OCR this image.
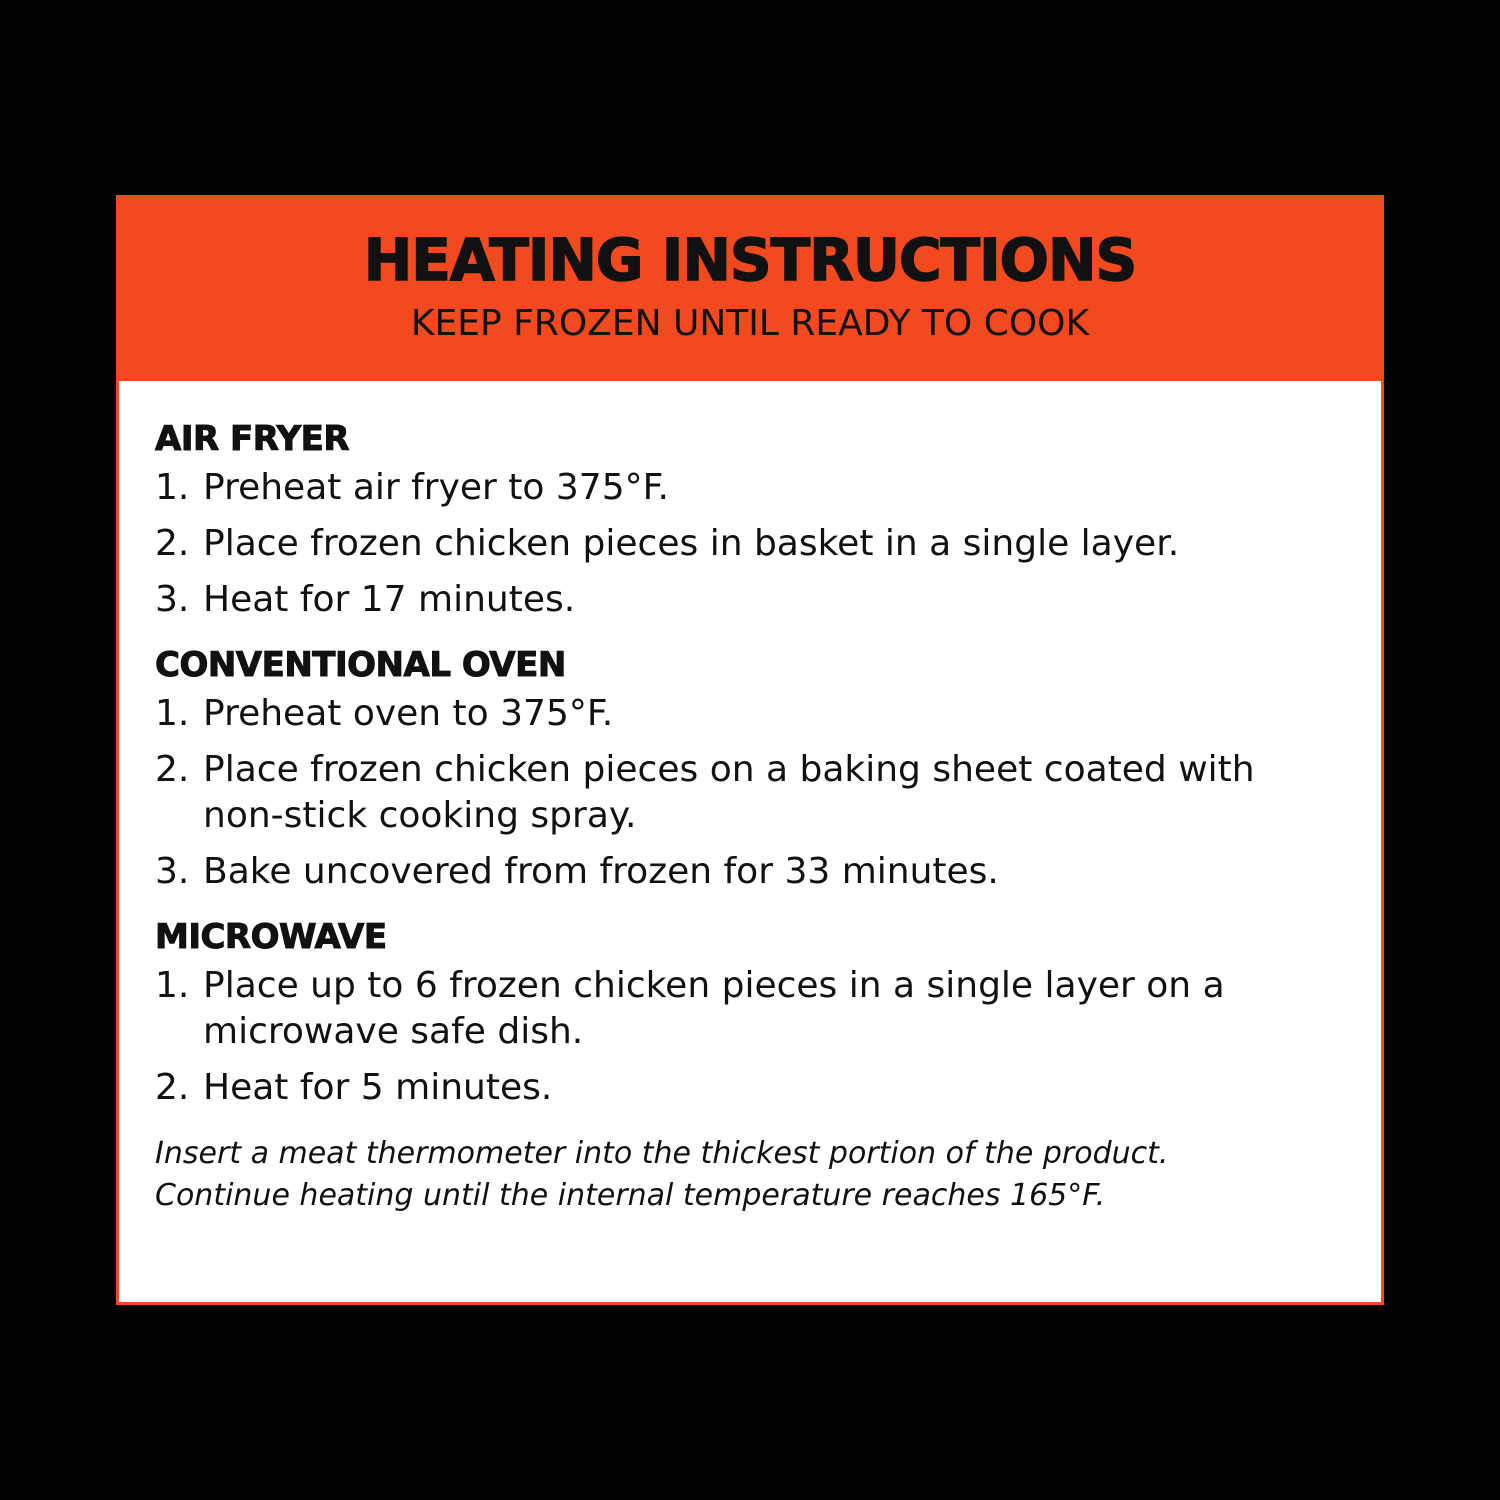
HEATING INSTRUCTIONS
KEEP FROZEN UNTIL READY TO COOK
AIR FRYER
1. Preheat air fryer to 375°F.
2. Place frozen chicken pieces in basket in a single layer.
3. Heat for 17 minutes.
CONVENTIONAL OVEN
1. Preheat oven to 375°F.
2. Place frozen chicken pieces on a baking sheet coated with non-stick cooking spray.
3. Bake uncovered from frozen for 33 minutes.
MICROWAVE
1. Place up to 6 frozen chicken pieces in a single layer on a microwave safe dish.
2. Heat for 5 minutes.
Insert a meat thermometer into the thickest portion of the product.
Continue heating until the internal temperature reaches 165°F.
